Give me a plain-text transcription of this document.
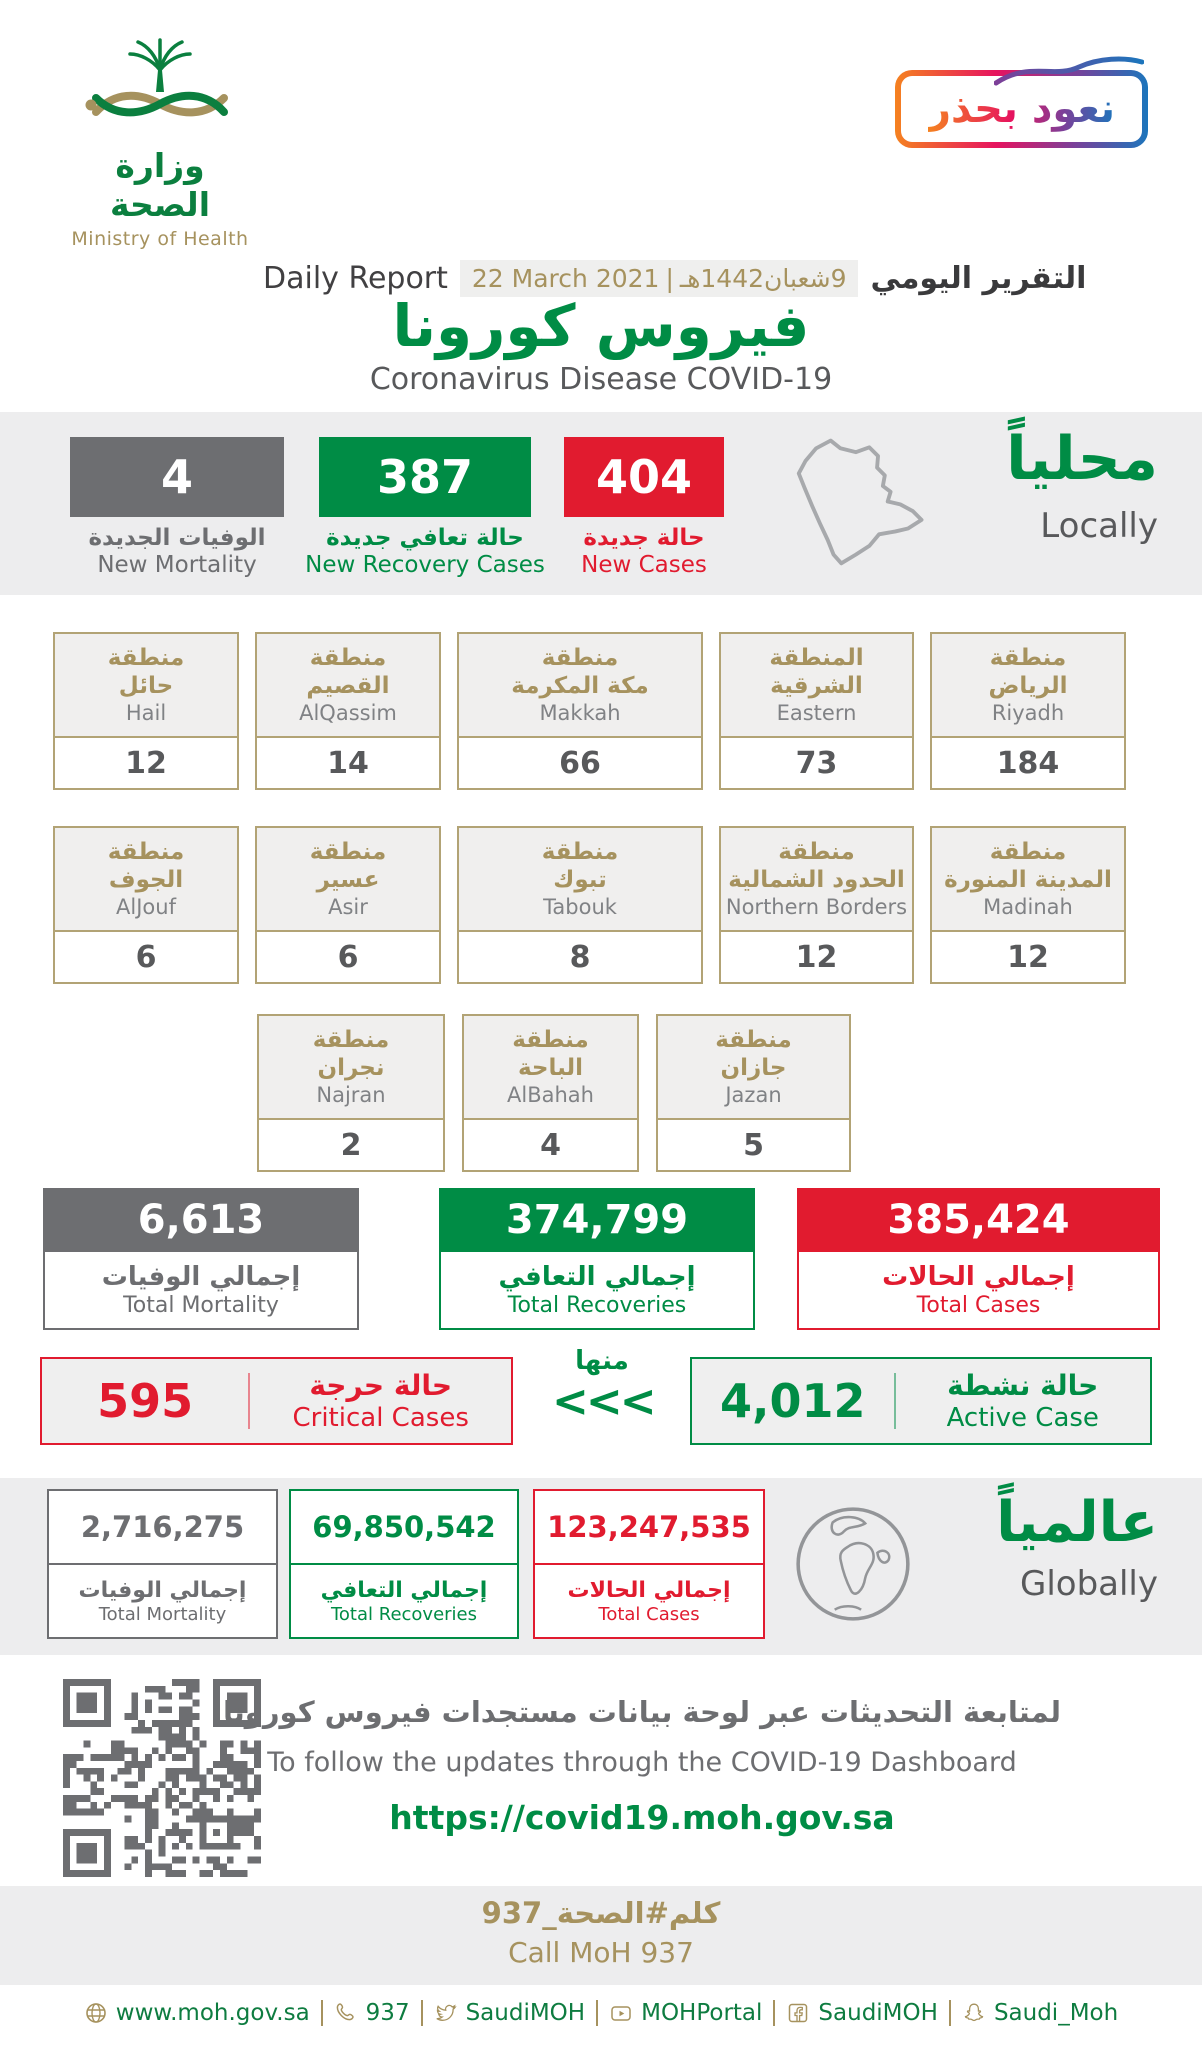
وزارة الصحة
Ministry of Health
نعود بحذر
Daily Report 22 March 2021 | 9شعبان1442هـ التقرير اليومي
فيروس كورونا
Coronavirus Disease COVID-19
4
الوفيات الجديدة
New Mortality
387
حالة تعافي جديدة
New Recovery Cases
404
حالة جديدة
New Cases
محلياً
Locally
منطقة
حائل
Hail
12
منطقة
القصيم
AlQassim
14
منطقة
مكة المكرمة
Makkah
66
المنطقة
الشرقية
Eastern
73
منطقة
الرياض
Riyadh
184
منطقة
الجوف
AlJouf
6
منطقة
عسير
Asir
6
منطقة
تبوك
Tabouk
8
منطقة
الحدود الشمالية
Northern Borders
12
منطقة
المدينة المنورة
Madinah
12
منطقة
نجران
Najran
2
منطقة
الباحة
AlBahah
4
منطقة
جازان
Jazan
5
6,613
إجمالي الوفيات
Total Mortality
374,799
إجمالي التعافي
Total Recoveries
385,424
إجمالي الحالات
Total Cases
595	حالة حرجة
Critical Cases
منها
<<<	4,012	حالة نشطة
Active Case
2,716,275
إجمالي الوفيات
Total Mortality
69,850,542
إجمالي التعافي
Total Recoveries
123,247,535
إجمالي الحالات
Total Cases
عالمياً
Globally
لمتابعة التحديثات عبر لوحة بيانات مستجدات فيروس كورونا
To follow the updates through the COVID-19 Dashboard
https://covid19.moh.gov.sa
كلم#الصحة_937
Call MoH 937
www.moh.gov.sa 937 SaudiMOH MOHPortal SaudiMOH Saudi_Moh
